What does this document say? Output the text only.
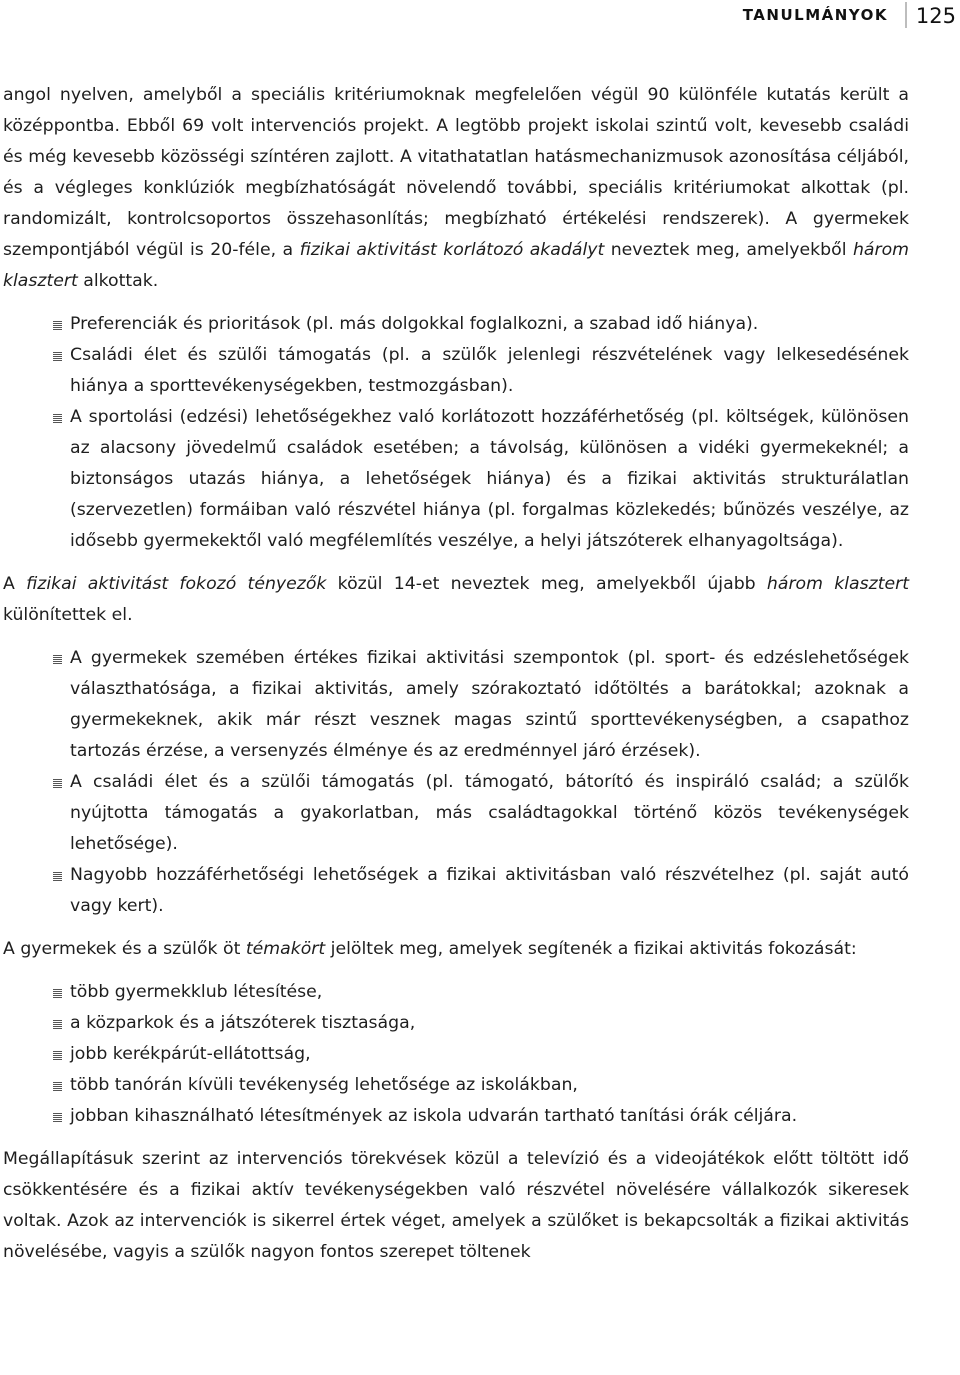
TANULMÁNYOK 125

angol nyelven, amelyből a speciális kritériumoknak megfelelően végül 90 különféle kutatás került a középpontba. Ebből 69 volt intervenciós projekt. A legtöbb projekt iskolai szintű volt, kevesebb családi és még kevesebb közösségi színtéren zajlott. A vitathatatlan hatásmechanizmusok azonosítása céljából, és a végleges konklúziók megbízhatóságát növelendő további, speciális kritériumokat alkottak (pl. randomizált, kontrolcsoportos összehasonlítás; megbízható értékelési rendszerek). A gyermekek szempontjából végül is 20-féle, a fizikai aktivitást korlátozó akadályt neveztek meg, amelyekből három klasztert alkottak.

Preferenciák és prioritások (pl. más dolgokkal foglalkozni, a szabad idő hiánya).
Családi élet és szülői támogatás (pl. a szülők jelenlegi részvételének vagy lelkesedésének hiánya a sporttevékenységekben, testmozgásban).
A sportolási (edzési) lehetőségekhez való korlátozott hozzáférhetőség (pl. költségek, különösen az alacsony jövedelmű családok esetében; a távolság, különösen a vidéki gyermekeknél; a biztonságos utazás hiánya, a lehetőségek hiánya) és a fizikai aktivitás strukturálatlan (szervezetlen) formáiban való részvétel hiánya (pl. forgalmas közlekedés; bűnözés veszélye, az idősebb gyermekektől való megfélemlítés veszélye, a helyi játszóterek elhanyagoltsága).

A fizikai aktivitást fokozó tényezők közül 14-et neveztek meg, amelyekből újabb három klasztert különítettek el.

A gyermekek szemében értékes fizikai aktivitási szempontok (pl. sport- és edzéslehetőségek választhatósága, a fizikai aktivitás, amely szórakoztató időtöltés a barátokkal; azoknak a gyermekeknek, akik már részt vesznek magas szintű sporttevékenységben, a csapathoz tartozás érzése, a versenyzés élménye és az eredménnyel járó érzések).
A családi élet és a szülői támogatás (pl. támogató, bátorító és inspiráló család; a szülők nyújtotta támogatás a gyakorlatban, más családtagokkal történő közös tevékenységek lehetősége).
Nagyobb hozzáférhetőségi lehetőségek a fizikai aktivitásban való részvételhez (pl. saját autó vagy kert).

A gyermekek és a szülők öt témakört jelöltek meg, amelyek segítenék a fizikai aktivitás fokozását:

több gyermekklub létesítése,
a közparkok és a játszóterek tisztasága,
jobb kerékpárút-ellátottság,
több tanórán kívüli tevékenység lehetősége az iskolákban,
jobban kihasználható létesítmények az iskola udvarán tartható tanítási órák céljára.

Megállapításuk szerint az intervenciós törekvések közül a televízió és a videojátékok előtt töltött idő csökkentésére és a fizikai aktív tevékenységekben való részvétel növelésére vállalkozók sikeresek voltak. Azok az intervenciók is sikerrel értek véget, amelyek a szülőket is bekapcsolták a fizikai aktivitás növelésébe, vagyis a szülők nagyon fontos szerepet töltenek
